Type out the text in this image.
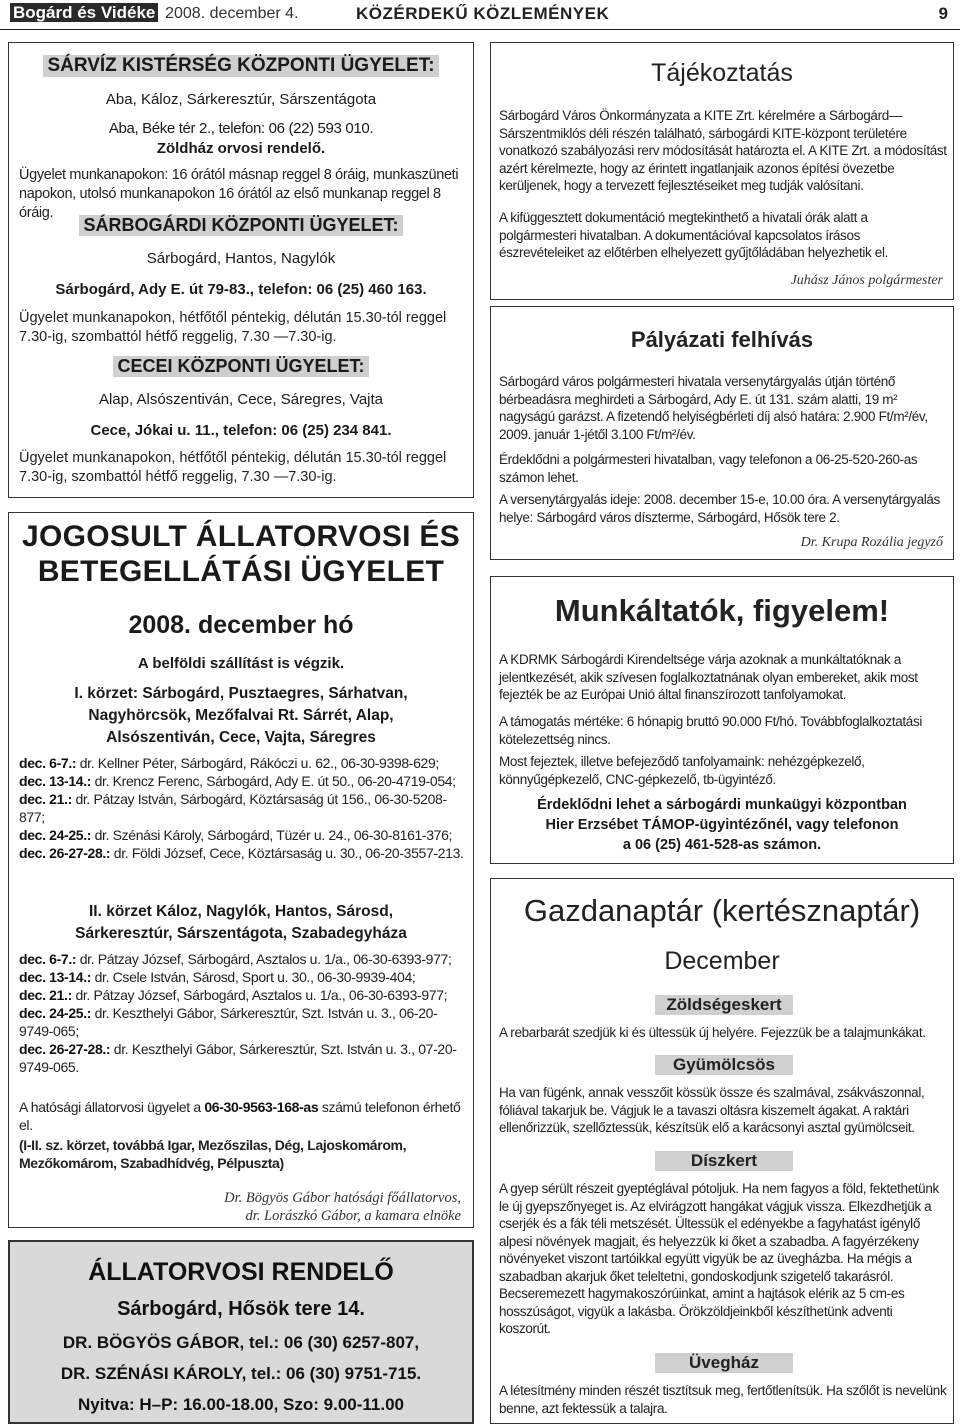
Bogárd és Vidéke 2008. december 4.	KÖZÉRDEKŰ KÖZLEMÉNYEK	9
SÁRVÍZ KISTÉRSÉG KÖZPONTI ÜGYELET:
Aba, Káloz, Sárkeresztúr, Sárszentágota
Aba, Béke tér 2., telefon: 06 (22) 593 010.
Zöldház orvosi rendelő.
Ügyelet munkanapokon: 16 órától másnap reggel 8 óráig, munkaszüneti napokon, utolsó munkanapokon 16 órától az első munkanap reggel 8 óráig.
SÁRBOGÁRDI KÖZPONTI ÜGYELET:
Sárbogárd, Hantos, Nagylók
Sárbogárd, Ady E. út 79-83., telefon: 06 (25) 460 163.
Ügyelet munkanapokon, hétfőtől péntekig, délután 15.30-tól reggel 7.30-ig, szombattól hétfő reggelig, 7.30 —7.30-ig.
CECEI KÖZPONTI ÜGYELET:
Alap, Alsószentiván, Cece, Sáregres, Vajta
Cece, Jókai u. 11., telefon: 06 (25) 234 841.
Ügyelet munkanapokon, hétfőtől péntekig, délután 15.30-tól reggel 7.30-ig, szombattól hétfő reggelig, 7.30 —7.30-ig.
JOGOSULT ÁLLATORVOSI ÉS
BETEGELLÁTÁSI ÜGYELET
2008. december hó
A belföldi szállítást is végzik.
I. körzet: Sárbogárd, Pusztaegres, Sárhatvan,
Nagyhörcsök, Mezőfalvai Rt. Sárrét, Alap,
Alsószentiván, Cece, Vajta, Sáregres
dec. 6-7.: dr. Kellner Péter, Sárbogárd, Rákóczi u. 62., 06-30-9398-629;
dec. 13-14.: dr. Krencz Ferenc, Sárbogárd, Ady E. út 50., 06-20-4719-054;
dec. 21.: dr. Pátzay István, Sárbogárd, Köztársaság út 156., 06-30-5208-877;
dec. 24-25.: dr. Szénási Károly, Sárbogárd, Tüzér u. 24., 06-30-8161-376;
dec. 26-27-28.: dr. Földi József, Cece, Köztársaság u. 30., 06-20-3557-213.
II. körzet Káloz, Nagylók, Hantos, Sárosd,
Sárkeresztúr, Sárszentágota, Szabadegyháza
dec. 6-7.: dr. Pátzay József, Sárbogárd, Asztalos u. 1/a., 06-30-6393-977;
dec. 13-14.: dr. Csele István, Sárosd, Sport u. 30., 06-30-9939-404;
dec. 21.: dr. Pátzay József, Sárbogárd, Asztalos u. 1/a., 06-30-6393-977;
dec. 24-25.: dr. Keszthelyi Gábor, Sárkeresztúr, Szt. István u. 3., 06-20-9749-065;
dec. 26-27-28.: dr. Keszthelyi Gábor, Sárkeresztúr, Szt. István u. 3., 07-20-9749-065.
A hatósági állatorvosi ügyelet a 06-30-9563-168-as számú telefonon érhető el.
(I-II. sz. körzet, továbbá Igar, Mezőszilas, Dég, Lajoskomárom, Mezőkomárom, Szabadhídvég, Pélpuszta)
Dr. Bögyös Gábor hatósági főállatorvos,
dr. Lorászkó Gábor, a kamara elnöke
ÁLLATORVOSI RENDELŐ
Sárbogárd, Hősök tere 14.
DR. BÖGYÖS GÁBOR, tel.: 06 (30) 6257-807,
DR. SZÉNÁSI KÁROLY, tel.: 06 (30) 9751-715.
Nyitva: H–P: 16.00-18.00, Szo: 9.00-11.00
Tájékoztatás
Sárbogárd Város Önkormányzata a KITE Zrt. kérelmére a Sárbogárd— Sárszentmiklós déli részén található, sárbogárdi KITE-központ területére vonatkozó szabályozási rerv módosítását határozta el. A KITE Zrt. a módosítást azért kérelmezte, hogy az érintett ingatlanjaik azonos építési övezetbe kerüljenek, hogy a tervezett fejlesztéseiket meg tudják valósítani.
A kifüggesztett dokumentáció megtekinthető a hivatali órák alatt a polgármesteri hivatalban. A dokumentációval kapcsolatos írásos észrevételeiket az előtérben elhelyezett gyűjtőládában helyezhetik el.
Juhász János polgármester
Pályázati felhívás
Sárbogárd város polgármesteri hivatala versenytárgyalás útján történő bérbeadásra meghirdeti a Sárbogárd, Ady E. út 131. szám alatti, 19 m² nagyságú garázst. A fizetendő helyiségbérleti díj alsó határa: 2.900 Ft/m²/év, 2009. január 1-jétől 3.100 Ft/m²/év.
Érdeklődni a polgármesteri hivatalban, vagy telefonon a 06-25-520-260-as számon lehet.
A versenytárgyalás ideje: 2008. december 15-e, 10.00 óra. A versenytárgyalás helye: Sárbogárd város díszterme, Sárbogárd, Hősök tere 2.
Dr. Krupa Rozália jegyző
Munkáltatók, figyelem!
A KDRMK Sárbogárdi Kirendeltsége várja azoknak a munkáltatóknak a jelentkezését, akik szívesen foglalkoztatnának olyan embereket, akik most fejezték be az Európai Unió által finanszírozott tanfolyamokat.
A támogatás mértéke: 6 hónapig bruttó 90.000 Ft/hó. Továbbfoglalkoztatási kötelezettség nincs.
Most fejeztek, illetve befejeződő tanfolyamaink: nehézgépkezelő, könnyűgépkezelő, CNC-gépkezelő, tb-ügyintéző.
Érdeklődni lehet a sárbogárdi munkaügyi központban
Hier Erzsébet TÁMOP-ügyintézőnél, vagy telefonon
a 06 (25) 461-528-as számon.
Gazdanaptár (kertésznaptár)
December
Zöldségeskert
A rebarbarát szedjük ki és ültessük új helyére. Fejezzük be a talajmunkákat.
Gyümölcsös
Ha van fügénk, annak vesszőit kössük össze és szalmával, zsákvászonnal, fóliával takarjuk be. Vágjuk le a tavaszi oltásra kiszemelt ágakat. A raktári ellenőrizzük, szellőztessük, készítsük elő a karácsonyi asztal gyümölcseit.
Díszkert
A gyep sérült részeit gyeptéglával pótoljuk. Ha nem fagyos a föld, fektethetünk le új gyepszőnyeget is. Az elvirágzott hangákat vágjuk vissza. Elkezdhetjük a cserjék és a fák téli metszését. Ültessük el edényekbe a fagyhatást igénylő alpesi növények magjait, és helyezzük ki őket a szabadba. A fagyérzékeny növényeket viszont tartóikkal együtt vigyük be az üvegházba. Ha mégis a szabadban akarjuk őket teleltetni, gondoskodjunk szigetelő takarásról. Becseremezett hagymakoszórúinkat, amint a hajtások elérik az 5 cm-es hosszúságot, vigyük a lakásba. Örökzöldjeinkből készíthetünk adventi koszorút.
Üvegház
A létesítmény minden részét tisztítsuk meg, fertőtlenítsük. Ha szőlőt is nevelünk benne, azt fektessük a talajra.
